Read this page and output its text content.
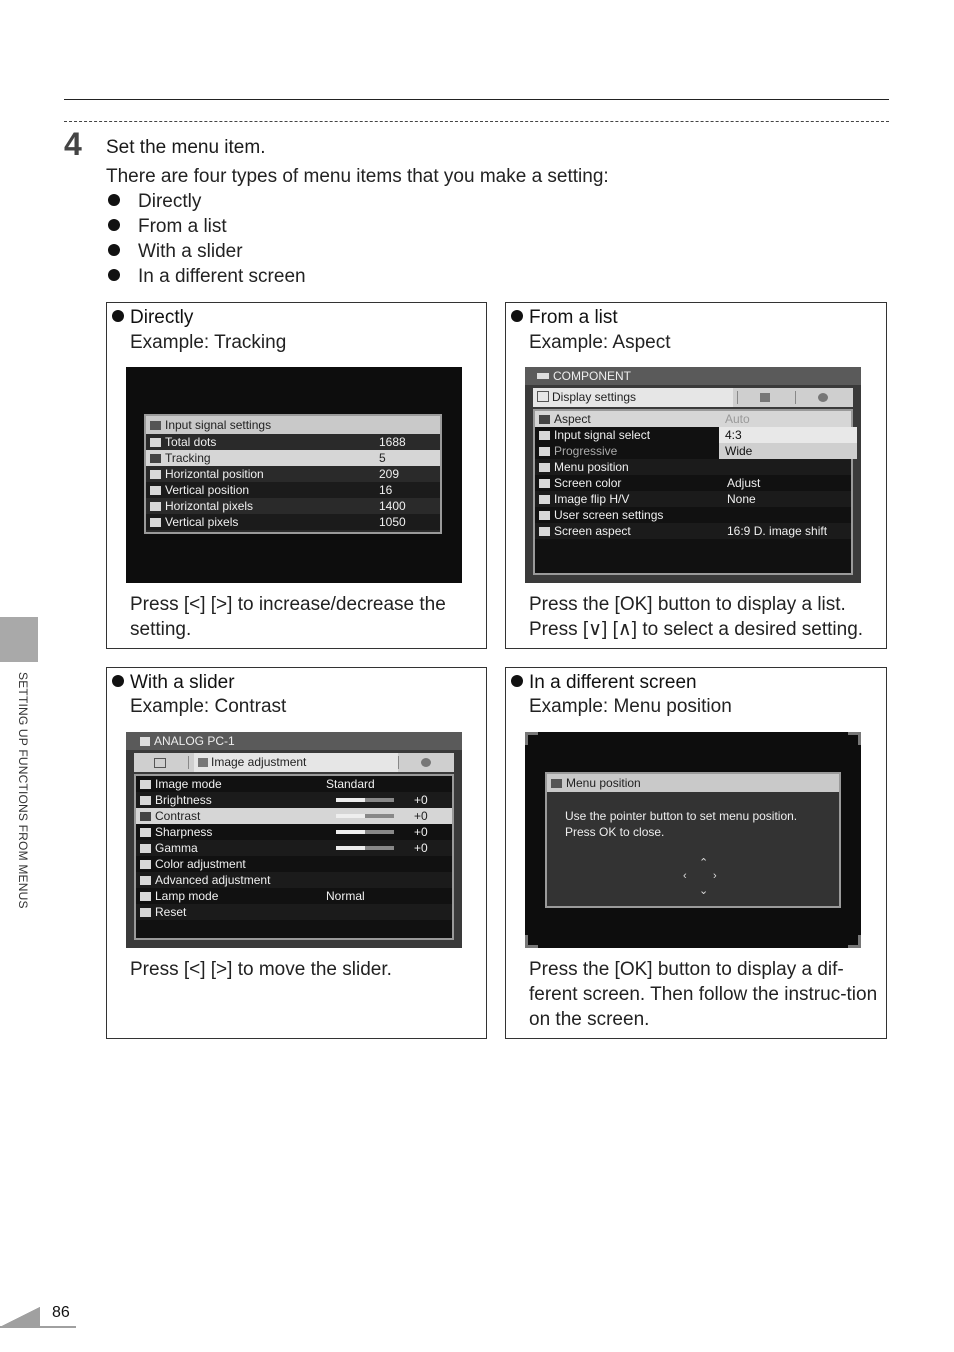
4 Set the menu item.
There are four types of menu items that you make a setting:
Directly
From a list
With a slider
In a different screen
Directly
Example: Tracking
Input signal settings
Total dots	1688
Tracking	5
Horizontal position	209
Vertical position	16
Horizontal pixels	1400
Vertical pixels	1050
Press [<] [>] to increase/decrease the setting.
From a list
Example: Aspect
COMPONENT
Display settings
Aspect	Auto
Input signal select	4:3
Progressive	Wide
Menu position
Screen color	Adjust
Image flip H/V	None
User screen settings
Screen aspect	16:9 D. image shift
Press the [OK] button to display a list. Press [∨] [∧] to select a desired setting.
With a slider
Example: Contrast
ANALOG PC-1
Image adjustment
Image mode	Standard
Brightness	+0
Contrast	+0
Sharpness	+0
Gamma	+0
Color adjustment
Advanced adjustment
Lamp mode	Normal
Reset
Press [<] [>] to move the slider.
In a different screen
Example: Menu position
Menu position
Use the pointer button to set menu position.
Press OK to close.
⌃
‹ ›
⌄
Press the [OK] button to display a dif-ferent screen. Then follow the instruc-tion on the screen.
SETTING UP FUNCTIONS FROM MENUS
86
